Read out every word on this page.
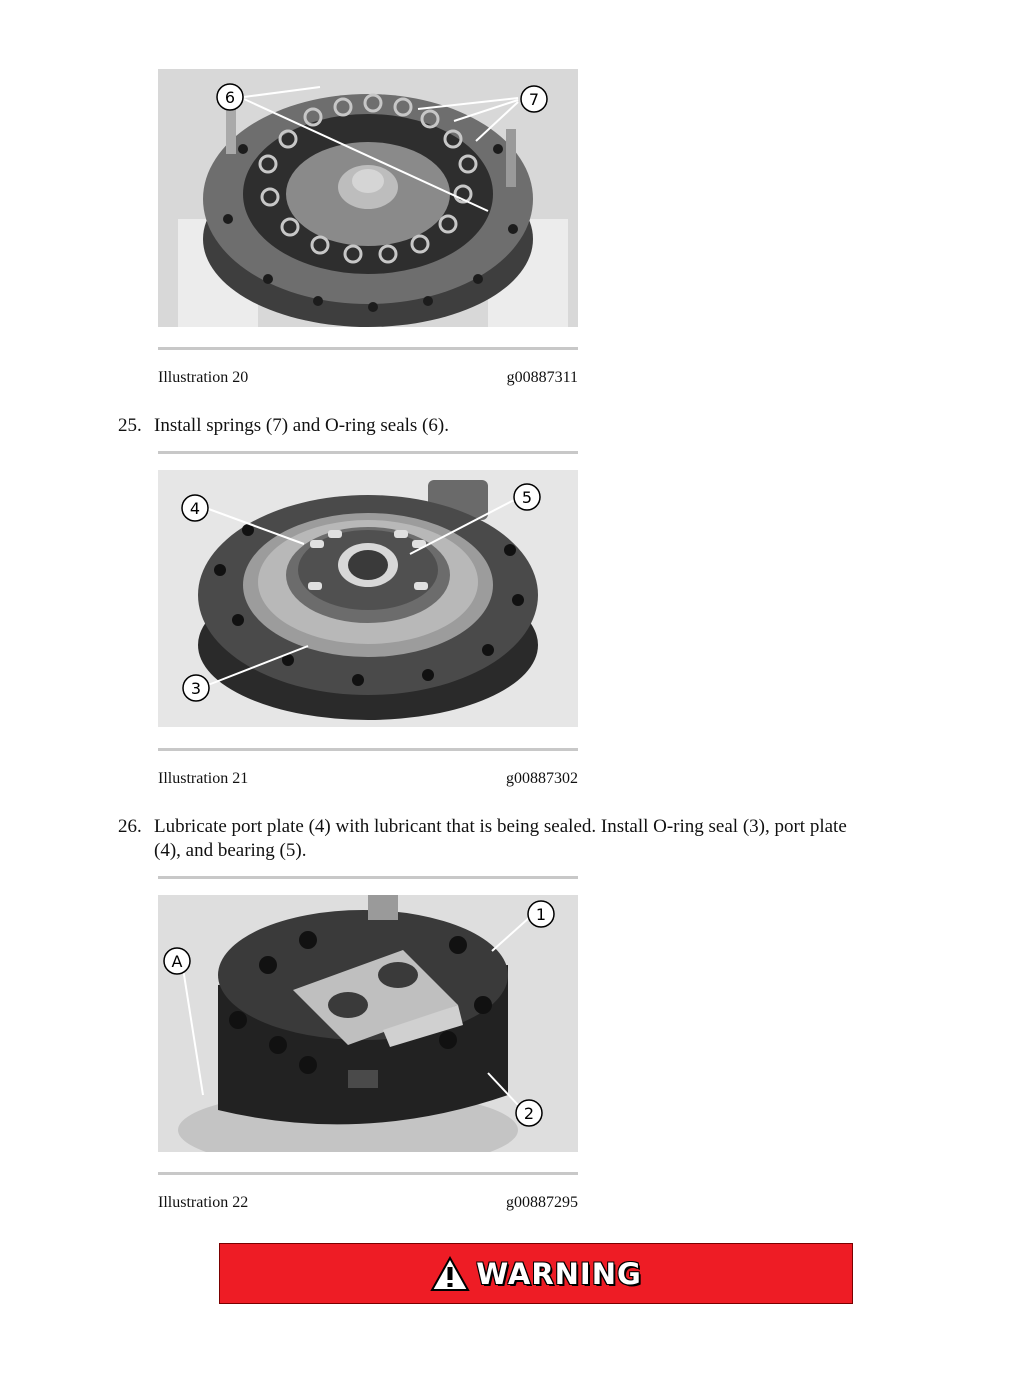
6	7
Illustration 20	g00887311
25. Install springs (7) and O-ring seals (6).
4
5
3
Illustration 21	g00887302
26. Lubricate port plate (4) with lubricant that is being sealed. Install O-ring seal (3), port plate
(4), and bearing (5).
A
1
2
Illustration 22	g00887295
WARNING
